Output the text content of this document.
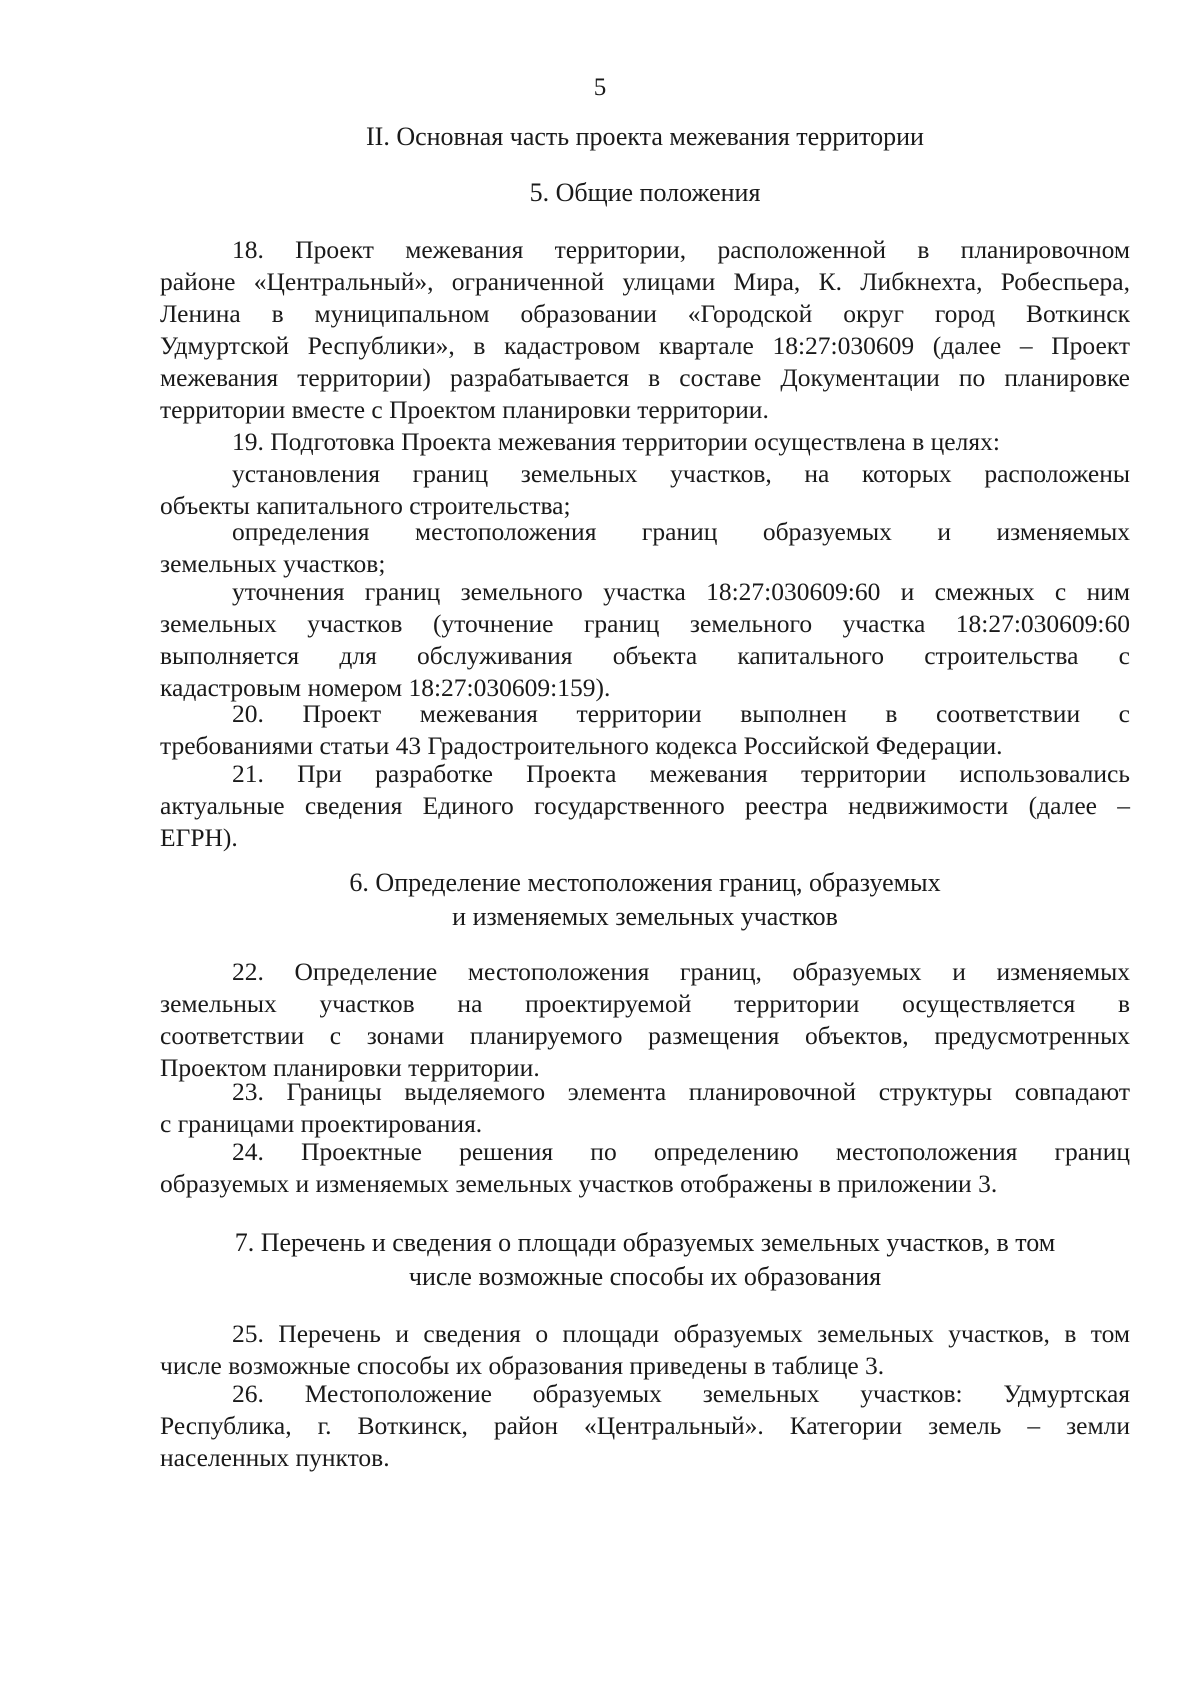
5
II. Основная часть проекта межевания территории
5. Общие положения
18. Проект межевания территории, расположенной в планировочном
районе «Центральный», ограниченной улицами Мира, К. Либкнехта, Робеспьера,
Ленина в муниципальном образовании «Городской округ город Воткинск
Удмуртской Республики», в кадастровом квартале 18:27:030609 (далее – Проект
межевания территории) разрабатывается в составе Документации по планировке
территории вместе с Проектом планировки территории.
19. Подготовка Проекта межевания территории осуществлена в целях:
установления границ земельных участков, на которых расположены
объекты капитального строительства;
определения местоположения границ образуемых и изменяемых
земельных участков;
уточнения границ земельного участка 18:27:030609:60 и смежных с ним
земельных участков (уточнение границ земельного участка 18:27:030609:60
выполняется для обслуживания объекта капитального строительства с
кадастровым номером 18:27:030609:159).
20. Проект межевания территории выполнен в соответствии с
требованиями статьи 43 Градостроительного кодекса Российской Федерации.
21. При разработке Проекта межевания территории использовались
актуальные сведения Единого государственного реестра недвижимости (далее –
ЕГРН).
6. Определение местоположения границ, образуемых
и изменяемых земельных участков
22. Определение местоположения границ, образуемых и изменяемых
земельных участков на проектируемой территории осуществляется в
соответствии с зонами планируемого размещения объектов, предусмотренных
Проектом планировки территории.
23. Границы выделяемого элемента планировочной структуры совпадают
с границами проектирования.
24. Проектные решения по определению местоположения границ
образуемых и изменяемых земельных участков отображены в приложении 3.
7. Перечень и сведения о площади образуемых земельных участков, в том
числе возможные способы их образования
25. Перечень и сведения о площади образуемых земельных участков, в том
числе возможные способы их образования приведены в таблице 3.
26. Местоположение образуемых земельных участков: Удмуртская
Республика, г. Воткинск, район «Центральный». Категории земель – земли
населенных пунктов.
